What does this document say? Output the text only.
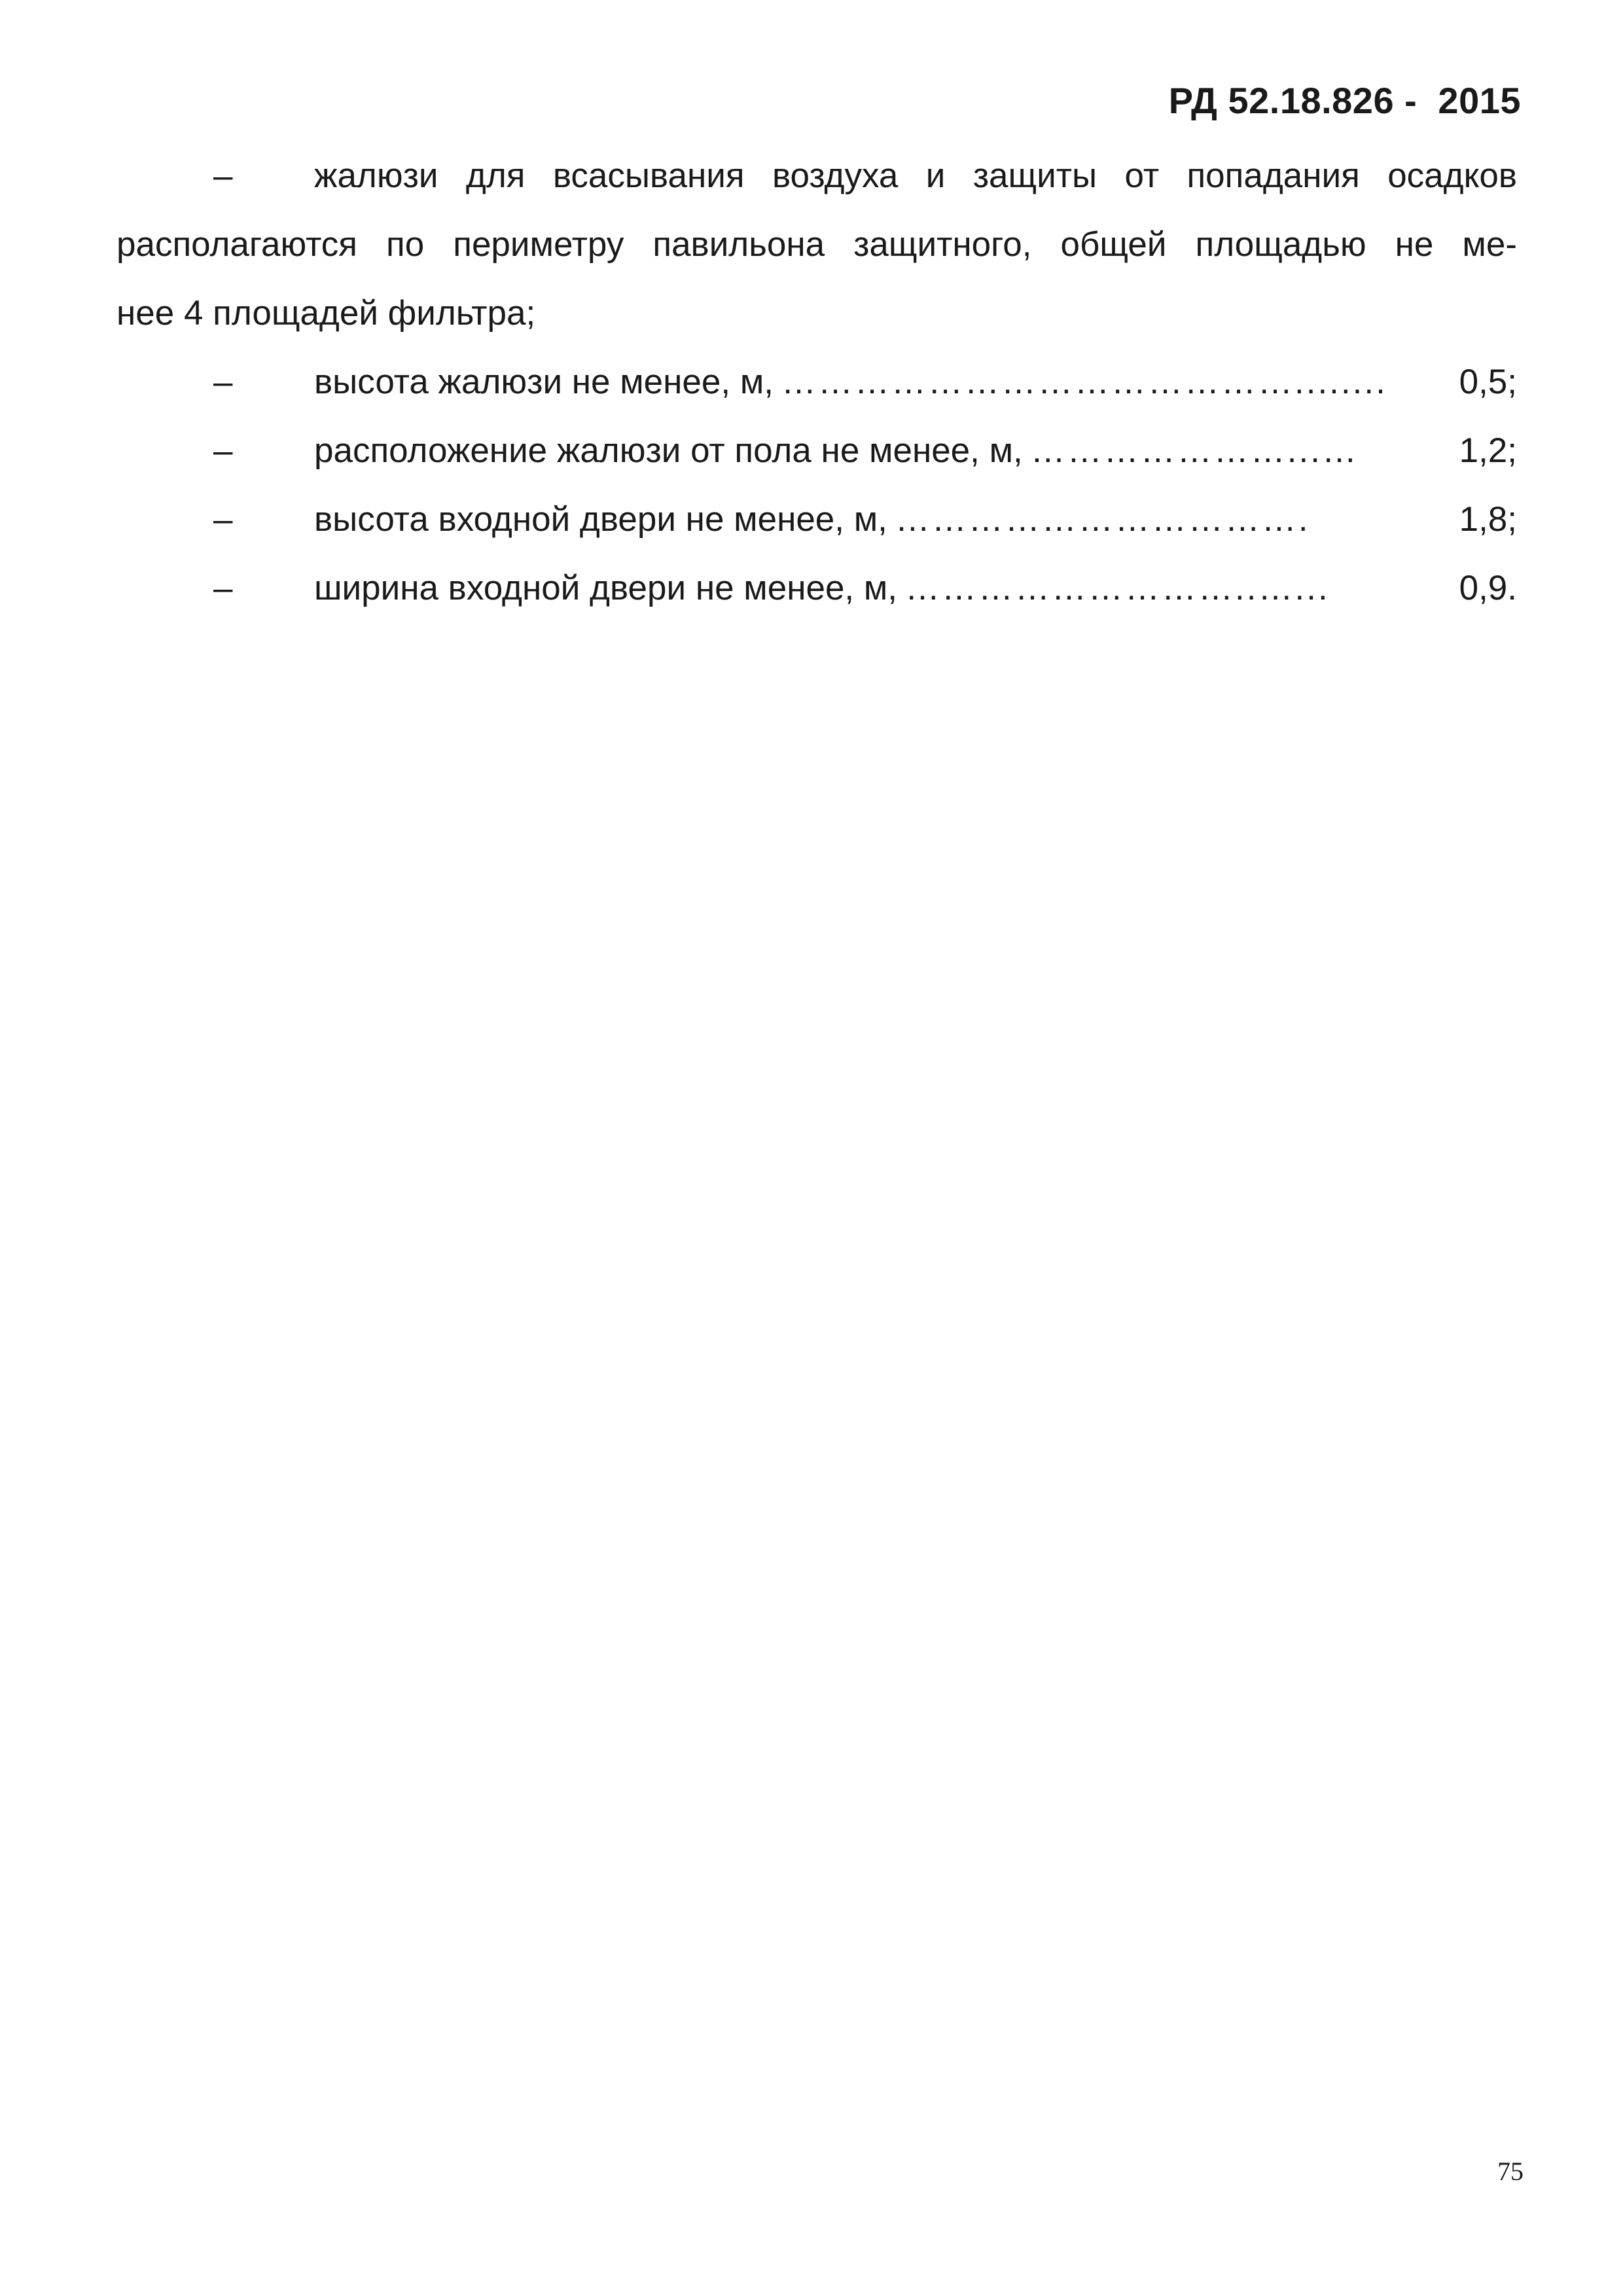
РД 52.18.826 -  2015

– жалюзи для всасывания воздуха и защиты от попадания осадков
располагаются по периметру павильона защитного, общей площадью не ме-
нее 4 площадей фильтра;

–	высота жалюзи не менее, м, ……………………………………........	0,5;
–	расположение жалюзи от пола не менее, м, …………………...…	1,2;
–	высота входной двери не менее, м, …………………………….	1,8;
–	ширина входной двери не менее, м, ………………………..…...	0,9.
75
